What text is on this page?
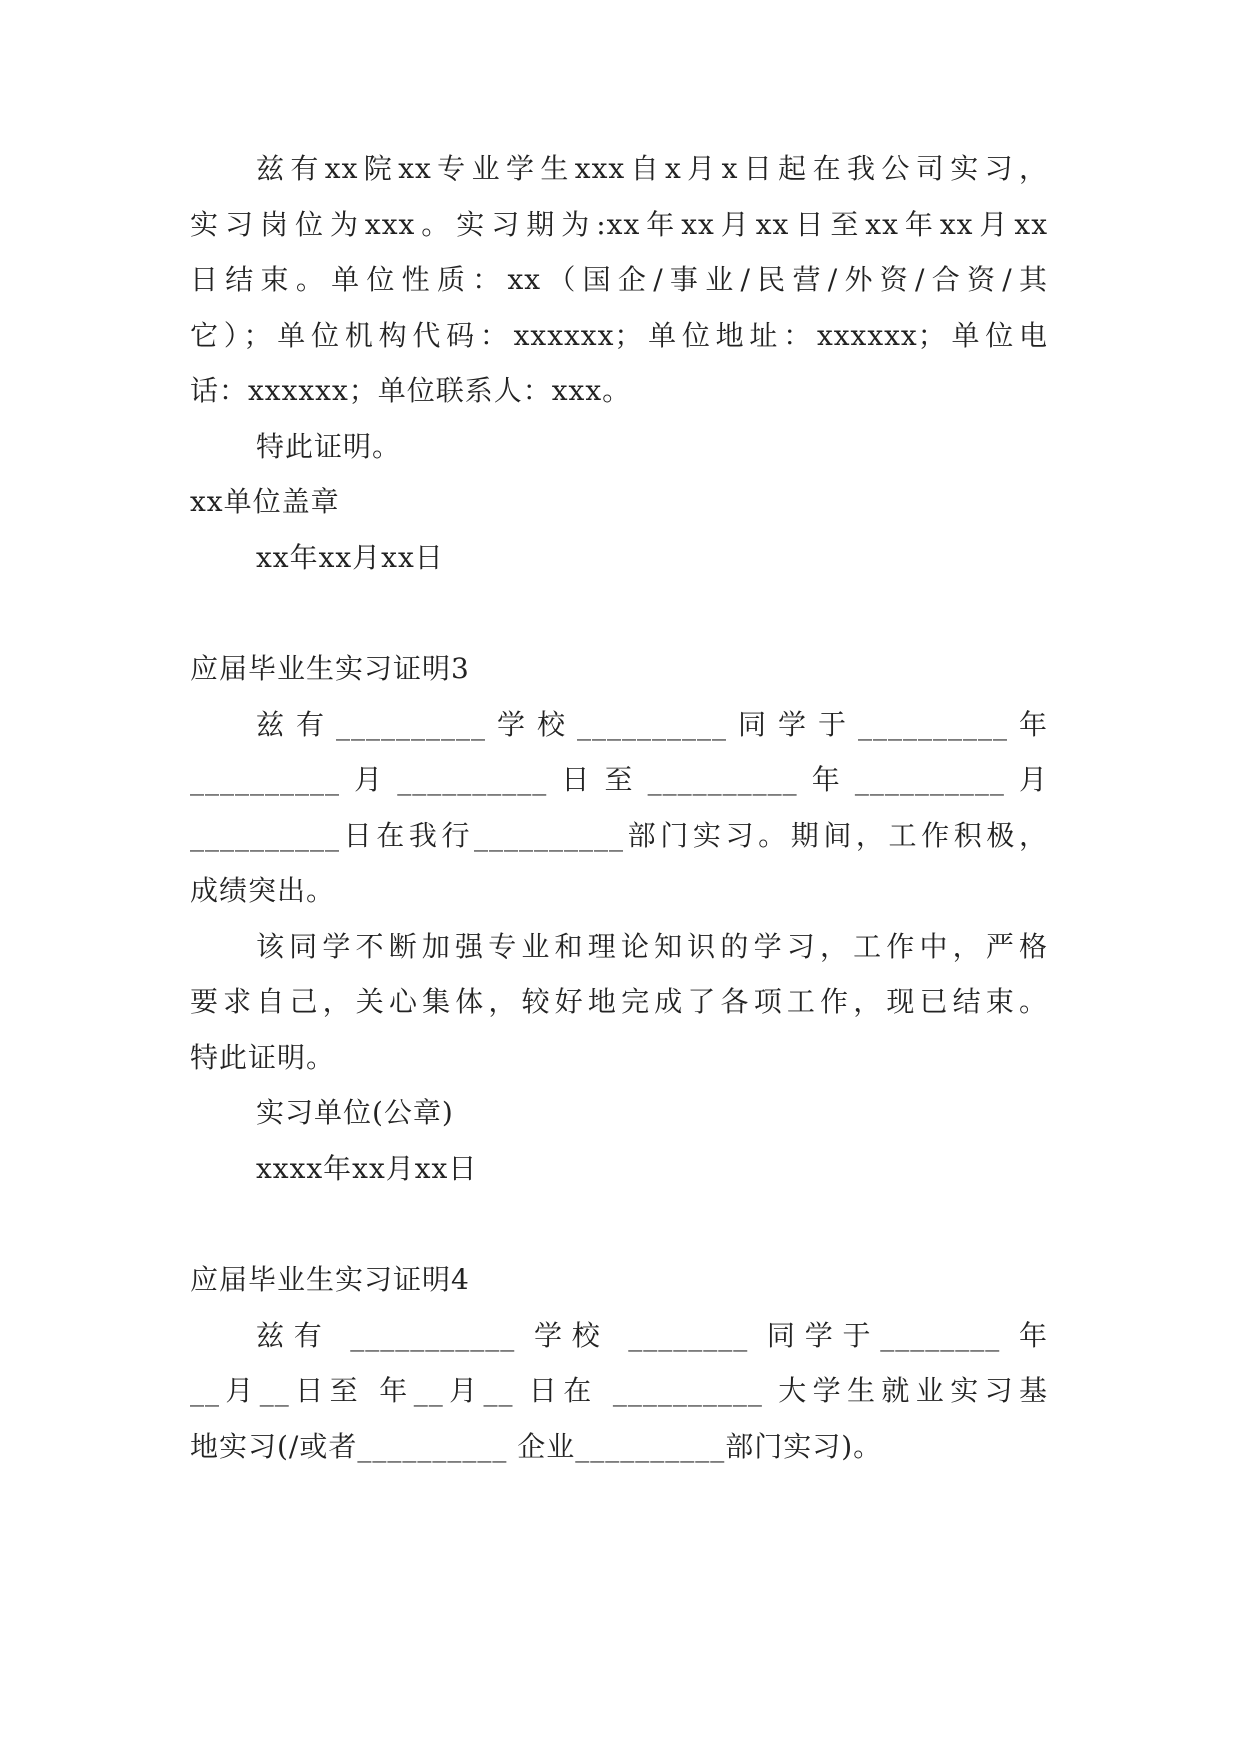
兹有xx院xx专业学生xxx自x月x日起在我公司实习，

实习岗位为xxx。实习期为:xx年xx月xx日至xx年xx月xx

日结束。单位性质：xx（国企/事业/民营/外资/合资/其

它）；单位机构代码：xxxxxx；单位地址：xxxxxx；单位电

话：xxxxxx；单位联系人：xxx。

特此证明。

xx单位盖章

xx年xx月xx日

应届毕业生实习证明3

兹有__________学校__________同学于__________年

__________月__________日至__________年__________月

__________日在我行__________部门实习。期间，工作积极，

成绩突出。

该同学不断加强专业和理论知识的学习，工作中，严格

要求自己，关心集体，较好地完成了各项工作，现已结束。

特此证明。

实习单位(公章)

xxxx年xx月xx日

应届毕业生实习证明4

兹有 ___________ 学校 ________ 同学于________ 年

__月__日至 年__月__ 日在 __________ 大学生就业实习基

地实习(/或者__________ 企业__________部门实习)。
